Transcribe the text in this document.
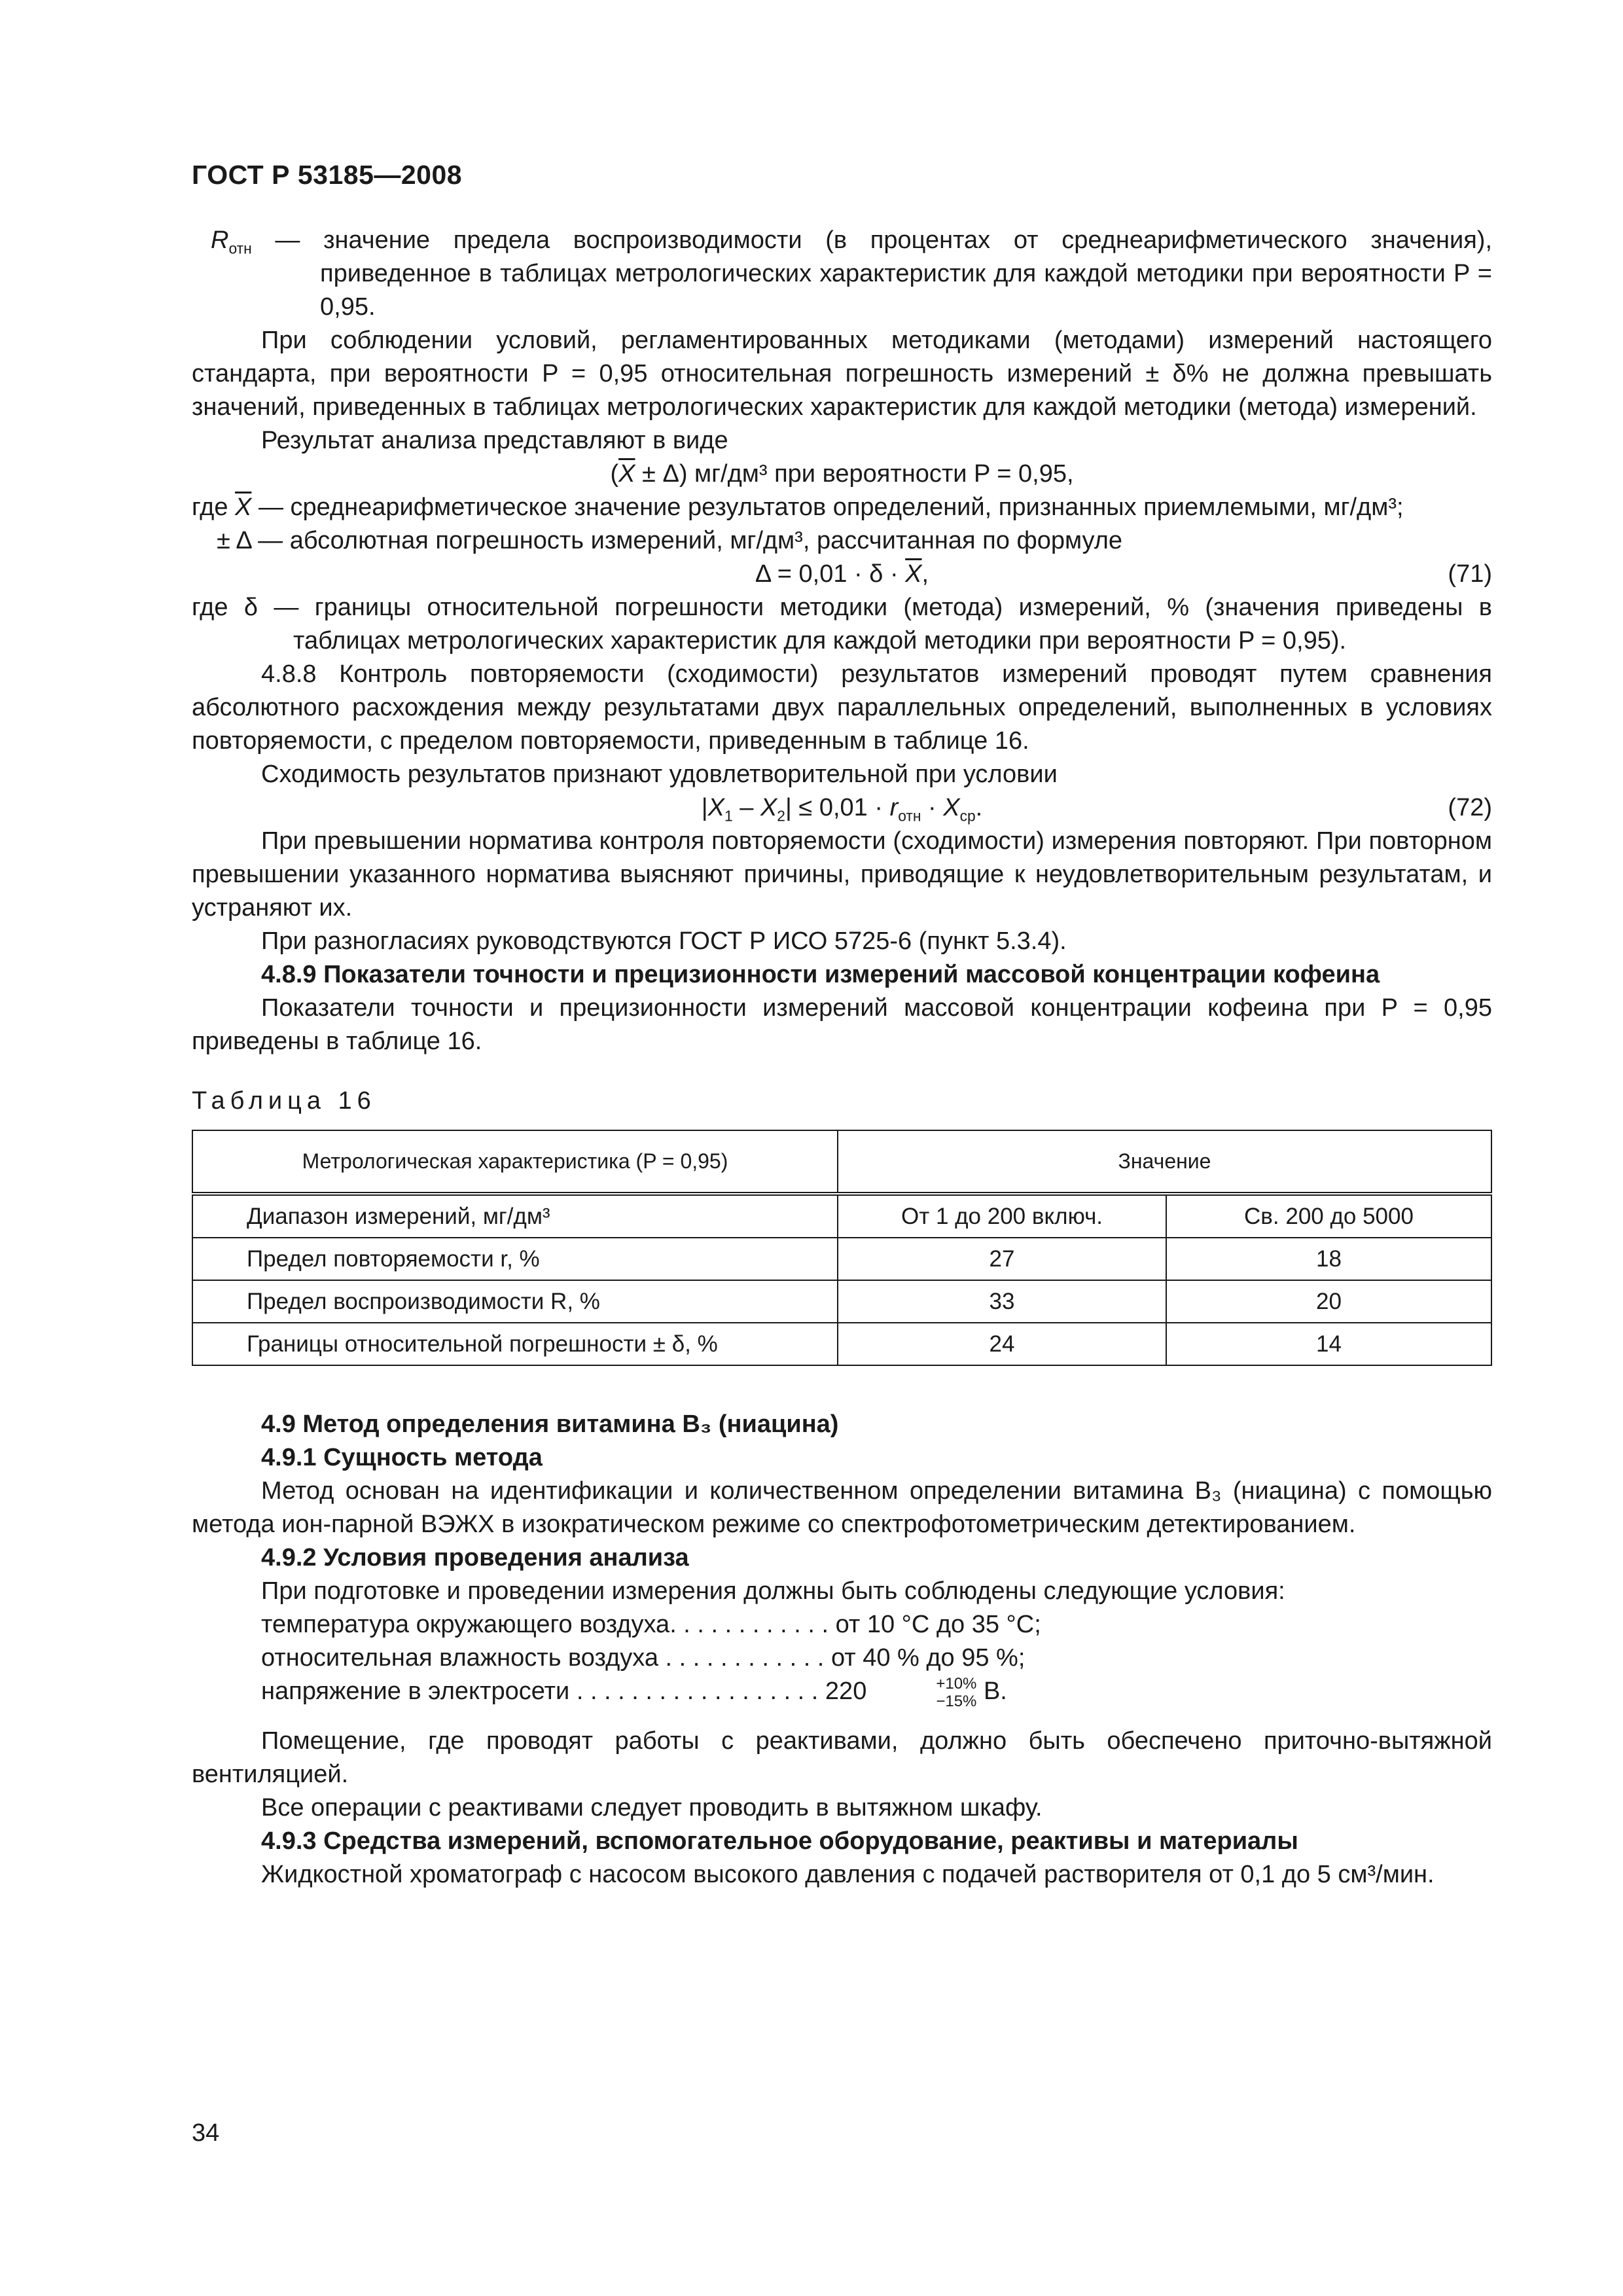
ГОСТ Р 53185—2008

$R_{отн}$ — значение предела воспроизводимости (в процентах от среднеарифметического значения), приведенное в таблицах метрологических характеристик для каждой методики при вероятности P = 0,95.

При соблюдении условий, регламентированных методиками (методами) измерений настоящего стандарта, при вероятности P = 0,95 относительная погрешность измерений ± δ% не должна превышать значений, приведенных в таблицах метрологических характеристик для каждой методики (метода) измерений.

Результат анализа представляют в виде

$(\overline{X} \pm \Delta)$ мг/дм³ при вероятности P = 0,95,

где $\overline{X}$ — среднеарифметическое значение результатов определений, признанных приемлемыми, мг/дм³;

± Δ — абсолютная погрешность измерений, мг/дм³, рассчитанная по формуле

$\Delta = 0,01 \cdot \delta \cdot \overline{X}$,	(71)

где δ — границы относительной погрешности методики (метода) измерений, % (значения приведены в таблицах метрологических характеристик для каждой методики при вероятности P = 0,95).

4.8.8 Контроль повторяемости (сходимости) результатов измерений проводят путем сравнения абсолютного расхождения между результатами двух параллельных определений, выполненных в условиях повторяемости, с пределом повторяемости, приведенным в таблице 16.

Сходимость результатов признают удовлетворительной при условии

$|X_1 - X_2| \le 0,01 \cdot r_{отн} \cdot X_{ср}$.	(72)

При превышении норматива контроля повторяемости (сходимости) измерения повторяют. При повторном превышении указанного норматива выясняют причины, приводящие к неудовлетворительным результатам, и устраняют их.

При разногласиях руководствуются ГОСТ Р ИСО 5725-6 (пункт 5.3.4).

4.8.9 Показатели точности и прецизионности измерений массовой концентрации кофеина

Показатели точности и прецизионности измерений массовой концентрации кофеина при P = 0,95 приведены в таблице 16.

Таблица 16

Метрологическая характеристика (P = 0,95)	Значение	
Диапазон измерений, мг/дм³	От 1 до 200 включ.	Св. 200 до 5000
Предел повторяемости r, %	27	18
Предел воспроизводимости R, %	33	20
Границы относительной погрешности ± δ, %	24	14

4.9 Метод определения витамина B₃ (ниацина)

4.9.1 Сущность метода

Метод основан на идентификации и количественном определении витамина B₃ (ниацина) с помощью метода ион-парной ВЭЖХ в изократическом режиме со спектрофотометрическим детектированием.

4.9.2 Условия проведения анализа

При подготовке и проведении измерения должны быть соблюдены следующие условия:

температура окружающего воздуха. . . . . . . . . . . . от 10 °С до 35 °С;

относительная влажность воздуха . . . . . . . . . . . . от 40 % до 95 %;

напряжение в электросети . . . . . . . . . . . . . . . . . . 220	+10%
−15% В.

Помещение, где проводят работы с реактивами, должно быть обеспечено приточно-вытяжной вентиляцией.

Все операции с реактивами следует проводить в вытяжном шкафу.

4.9.3 Средства измерений, вспомогательное оборудование, реактивы и материалы

Жидкостной хроматограф с насосом высокого давления с подачей растворителя от 0,1 до 5 см³/мин.

34
